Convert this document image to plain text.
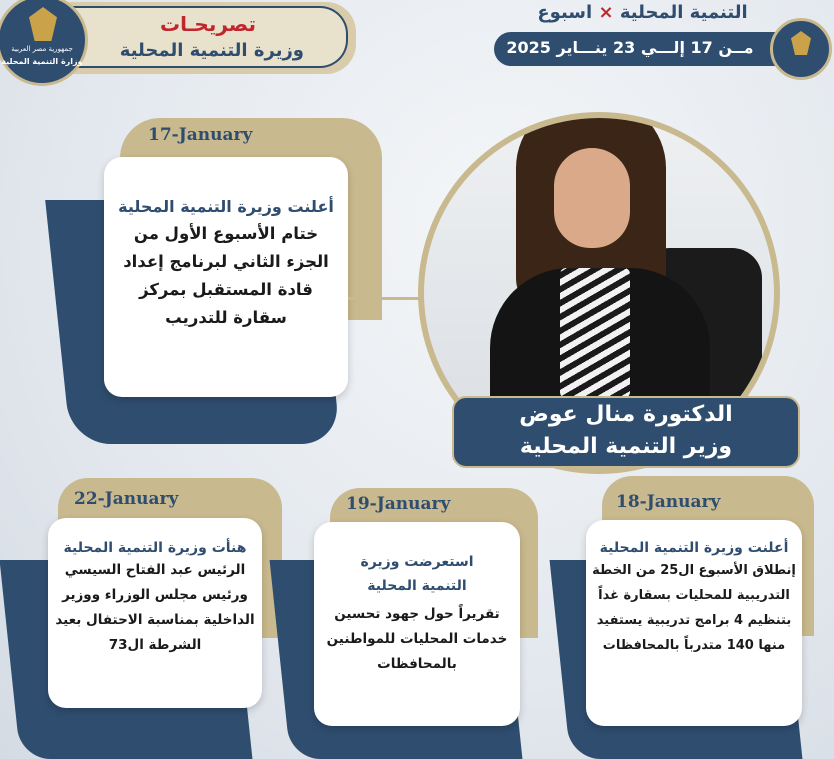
تصريحـات
وزيرة التنمية المحلية
جمهورية مصر العربية
وزارة التنمية المحلية
التنمية المحلية × اسبوع
مــن 17 إلـــي 23 ينـــاير 2025
17-January
أعلنت وزيرة التنمية المحلية
ختام الأسبوع الأول من الجزء الثاني لبرنامج إعداد قادة المستقبل بمركز سقارة للتدريب
الدكتورة منال عوض
وزير التنمية المحلية
22-January
هنأت وزيرة التنمية المحلية
الرئيس عبد الفتاح السيسي ورئيس مجلس الوزراء ووزير الداخلية بمناسبة الاحتفال بعيد الشرطة ال73
19-January
استعرضت وزيرة التنمية المحلية
تقريراً حول جهود تحسين خدمات المحليات للمواطنين بالمحافظات
18-January
أعلنت وزيرة التنمية المحلية
إنطلاق الأسبوع ال25 من الخطة التدريبية للمحليات بسقارة غداً بتنظيم 4 برامج تدريبية يستفيد منها 140 متدرباً بالمحافظات
